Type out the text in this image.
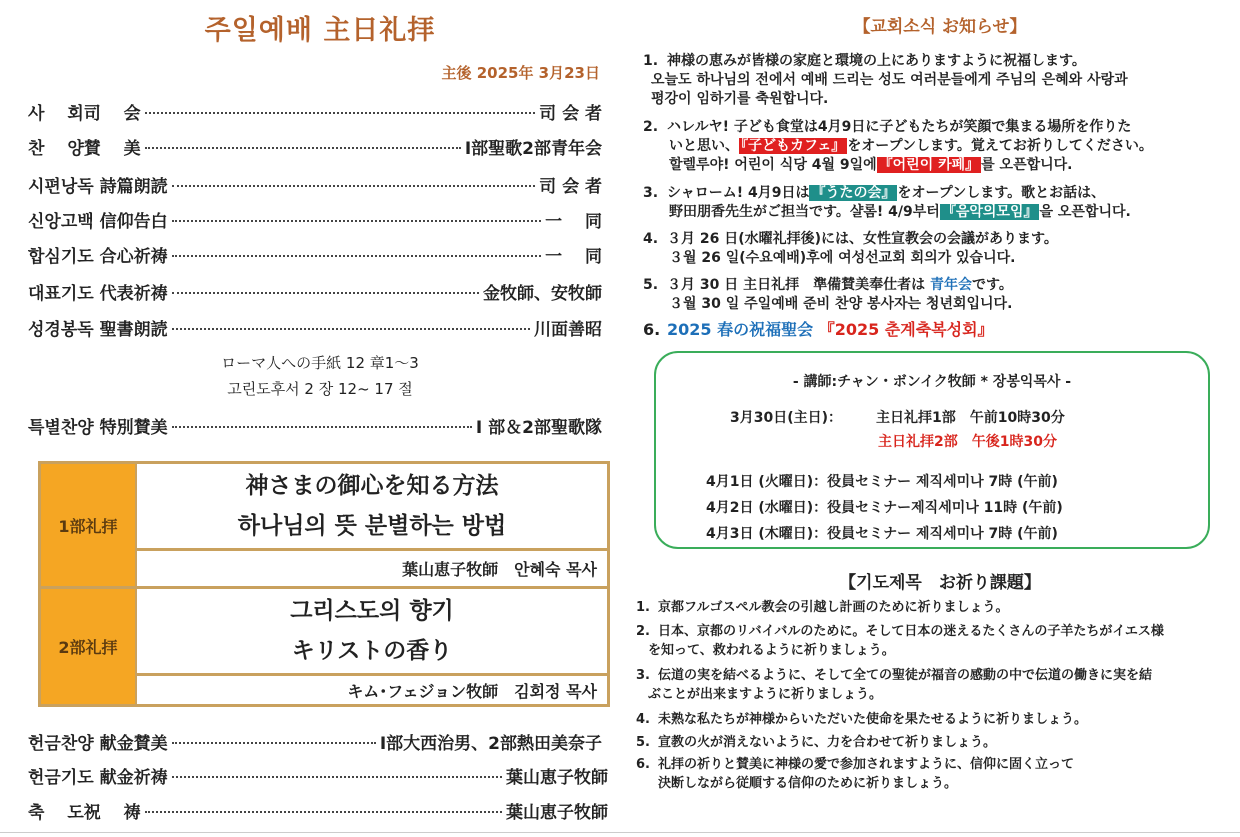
주일예배 主日礼拝
主後 2025年 3月23日
사　 회司　 会	司 会 者
찬　 양賛　 美	Ⅰ部聖歌2部青年会
시편낭독 詩篇朗読	司 会 者
신앙고백 信仰告白	一　 同
합심기도 合心祈祷	一　 同
대표기도 代表祈祷	金牧師、安牧師
성경봉독 聖書朗読	川面善昭
ローマ人への手紙 12 章1～3
고린도후서 2 장 12~ 17 절
특별찬양 特別賛美	Ⅰ 部＆2部聖歌隊
1部礼拝
神さまの御心を知る方法
하나님의 뜻 분별하는 방법
葉山恵子牧師　안혜숙 목사
2部礼拝
그리스도의 향기
キリストの香り
キム･フェジョン牧師　김회정 목사
헌금찬양 献金賛美	Ⅰ部大西治男、2部熱田美奈子
헌금기도 献金祈祷	葉山恵子牧師
축　 도祝　 祷	葉山恵子牧師
【교회소식 お知らせ】
1. 神様の恵みが皆様の家庭と環境の上にありますように祝福します。
오늘도 하나님의 전에서 예배 드리는 성도 여러분들에게 주님의 은혜와 사랑과
평강이 임하기를 축원합니다.
2. ハレルヤ! 子ども食堂は4月9日に子どもたちが笑顔で集まる場所を作りた
いと思い、 『子どもカフェ』 をオープンします。覚えてお祈りしてください。
할렐루야! 어린이 식당 4월 9일에 『어린이 카페』 를 오픈합니다.
3. シャローム! 4月9日は 『うたの会』 をオープンします。歌とお話は、
野田朋香先生がご担当です。샬롬! 4/9부터 『음악의모임』 을 오픈합니다.
4. ３月 26 日(水曜礼拝後)には、女性宣教会の会議があります。
３월 26 일(수요예배)후에 여성선교회 회의가 있습니다.
5. ３月 30 日 主日礼拝　準備賛美奉仕者は 青年会です。
３월 30 일 주일예배 준비 찬양 봉사자는 청년회입니다.
6. 2025 春の祝福聖会 『2025 춘계축복성회』
- 講師:チャン・ボンイク牧師 * 장봉익목사 -
3月30日(主日)： 主日礼拝1部　午前10時30分
主日礼拝2部　午後1時30分
4月1日 (火曜日)：役員セミナー 제직세미나 7時 (午前)
4月2日 (水曜日)：役員セミナー제직세미나 11時 (午前)
4月3日 (木曜日)：役員セミナー 제직세미나 7時 (午前)
【기도제목　お祈り課題】
1. 京都フルゴスペル教会の引越し計画のために祈りましょう。
2. 日本、京都のリバイバルのために。そして日本の迷えるたくさんの子羊たちがイエス様
を知って、救われるように祈りましょう。
3. 伝道の実を結べるように、そして全ての聖徒が福音の感動の中で伝道の働きに実を結
ぶことが出来ますように祈りましょう。
4. 未熟な私たちが神様からいただいた使命を果たせるように祈りましょう。
5. 宣教の火が消えないように、力を合わせて祈りましょう。
6. 礼拝の祈りと賛美に神様の愛で参加されますように、信仰に固く立って
決断しながら従順する信仰のために祈りましょう。
